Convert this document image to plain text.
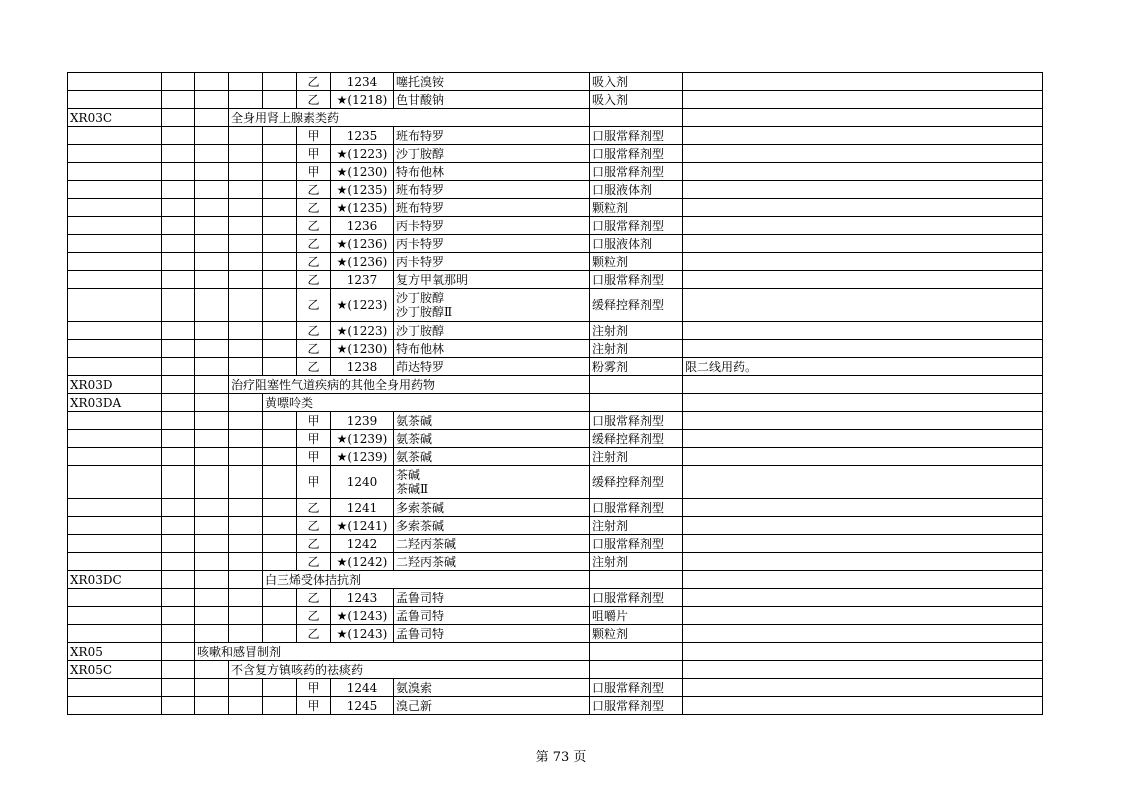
					乙	1234	噻托溴铵	吸入剂	
					乙	★(1218)	色甘酸钠	吸入剂	
XR03C			全身用肾上腺素类药						
					甲	1235	班布特罗	口服常释剂型	
					甲	★(1223)	沙丁胺醇	口服常释剂型	
					甲	★(1230)	特布他林	口服常释剂型	
					乙	★(1235)	班布特罗	口服液体剂	
					乙	★(1235)	班布特罗	颗粒剂	
					乙	1236	丙卡特罗	口服常释剂型	
					乙	★(1236)	丙卡特罗	口服液体剂	
					乙	★(1236)	丙卡特罗	颗粒剂	
					乙	1237	复方甲氧那明	口服常释剂型	
					乙	★(1223)	沙丁胺醇
沙丁胺醇Ⅱ	缓释控释剂型	
					乙	★(1223)	沙丁胺醇	注射剂	
					乙	★(1230)	特布他林	注射剂	
					乙	1238	茚达特罗	粉雾剂	限二线用药。
XR03D			治疗阻塞性气道疾病的其他全身用药物						
XR03DA				黄嘌呤类					
					甲	1239	氨茶碱	口服常释剂型	
					甲	★(1239)	氨茶碱	缓释控释剂型	
					甲	★(1239)	氨茶碱	注射剂	
					甲	1240	茶碱
茶碱Ⅱ	缓释控释剂型	
					乙	1241	多索茶碱	口服常释剂型	
					乙	★(1241)	多索茶碱	注射剂	
					乙	1242	二羟丙茶碱	口服常释剂型	
					乙	★(1242)	二羟丙茶碱	注射剂	
XR03DC				白三烯受体拮抗剂					
					乙	1243	孟鲁司特	口服常释剂型	
					乙	★(1243)	孟鲁司特	咀嚼片	
					乙	★(1243)	孟鲁司特	颗粒剂	
XR05		咳嗽和感冒制剂							
XR05C			不含复方镇咳药的祛痰药						
					甲	1244	氨溴索	口服常释剂型	
					甲	1245	溴己新	口服常释剂型	
第 73 页
